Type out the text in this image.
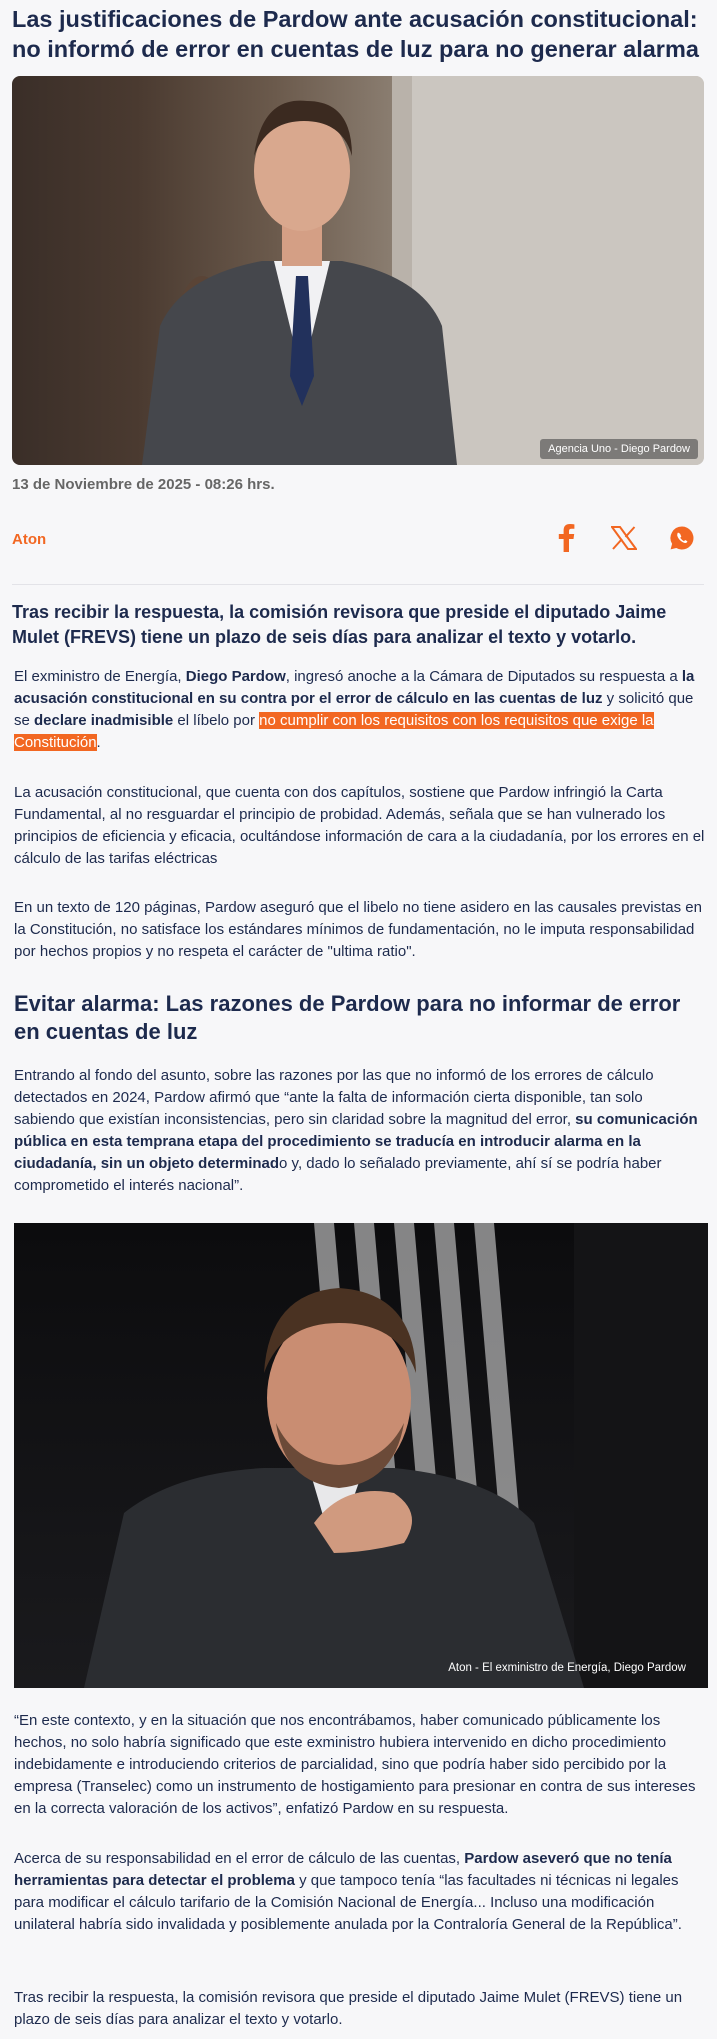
Las justificaciones de Pardow ante acusación constitucional: no informó de error en cuentas de luz para no generar alarma
Agencia Uno - Diego Pardow

13 de Noviembre de 2025 - 08:26 hrs.

Aton
Tras recibir la respuesta, la comisión revisora que preside el diputado Jaime Mulet (FREVS) tiene un plazo de seis días para analizar el texto y votarlo.

El exministro de Energía, Diego Pardow, ingresó anoche a la Cámara de Diputados su respuesta a la acusación constitucional en su contra por el error de cálculo en las cuentas de luz y solicitó que se declare inadmisible el líbelo por no cumplir con los requisitos con los requisitos que exige la Constitución.

La acusación constitucional, que cuenta con dos capítulos, sostiene que Pardow infringió la Carta Fundamental, al no resguardar el principio de probidad. Además, señala que se han vulnerado los principios de eficiencia y eficacia, ocultándose información de cara a la ciudadanía, por los errores en el cálculo de las tarifas eléctricas

En un texto de 120 páginas, Pardow aseguró que el libelo no tiene asidero en las causales previstas en la Constitución, no satisface los estándares mínimos de fundamentación, no le imputa responsabilidad por hechos propios y no respeta el carácter de "ultima ratio".

Evitar alarma: Las razones de Pardow para no informar de error en cuentas de luz

Entrando al fondo del asunto, sobre las razones por las que no informó de los errores de cálculo detectados en 2024, Pardow afirmó que “ante la falta de información cierta disponible, tan solo sabiendo que existían inconsistencias, pero sin claridad sobre la magnitud del error, su comunicación pública en esta temprana etapa del procedimiento se traducía en introducir alarma en la ciudadanía, sin un objeto determinado y, dado lo señalado previamente, ahí sí se podría haber comprometido el interés nacional”.

Aton - El exministro de Energía, Diego Pardow

“En este contexto, y en la situación que nos encontrábamos, haber comunicado públicamente los hechos, no solo habría significado que este exministro hubiera intervenido en dicho procedimiento indebidamente e introduciendo criterios de parcialidad, sino que podría haber sido percibido por la empresa (Transelec) como un instrumento de hostigamiento para presionar en contra de sus intereses en la correcta valoración de los activos”, enfatizó Pardow en su respuesta.

Acerca de su responsabilidad en el error de cálculo de las cuentas, Pardow aseveró que no tenía herramientas para detectar el problema y que tampoco tenía “las facultades ni técnicas ni legales para modificar el cálculo tarifario de la Comisión Nacional de Energía... Incluso una modificación unilateral habría sido invalidada y posiblemente anulada por la Contraloría General de la República”.

Tras recibir la respuesta, la comisión revisora que preside el diputado Jaime Mulet (FREVS) tiene un plazo de seis días para analizar el texto y votarlo.
